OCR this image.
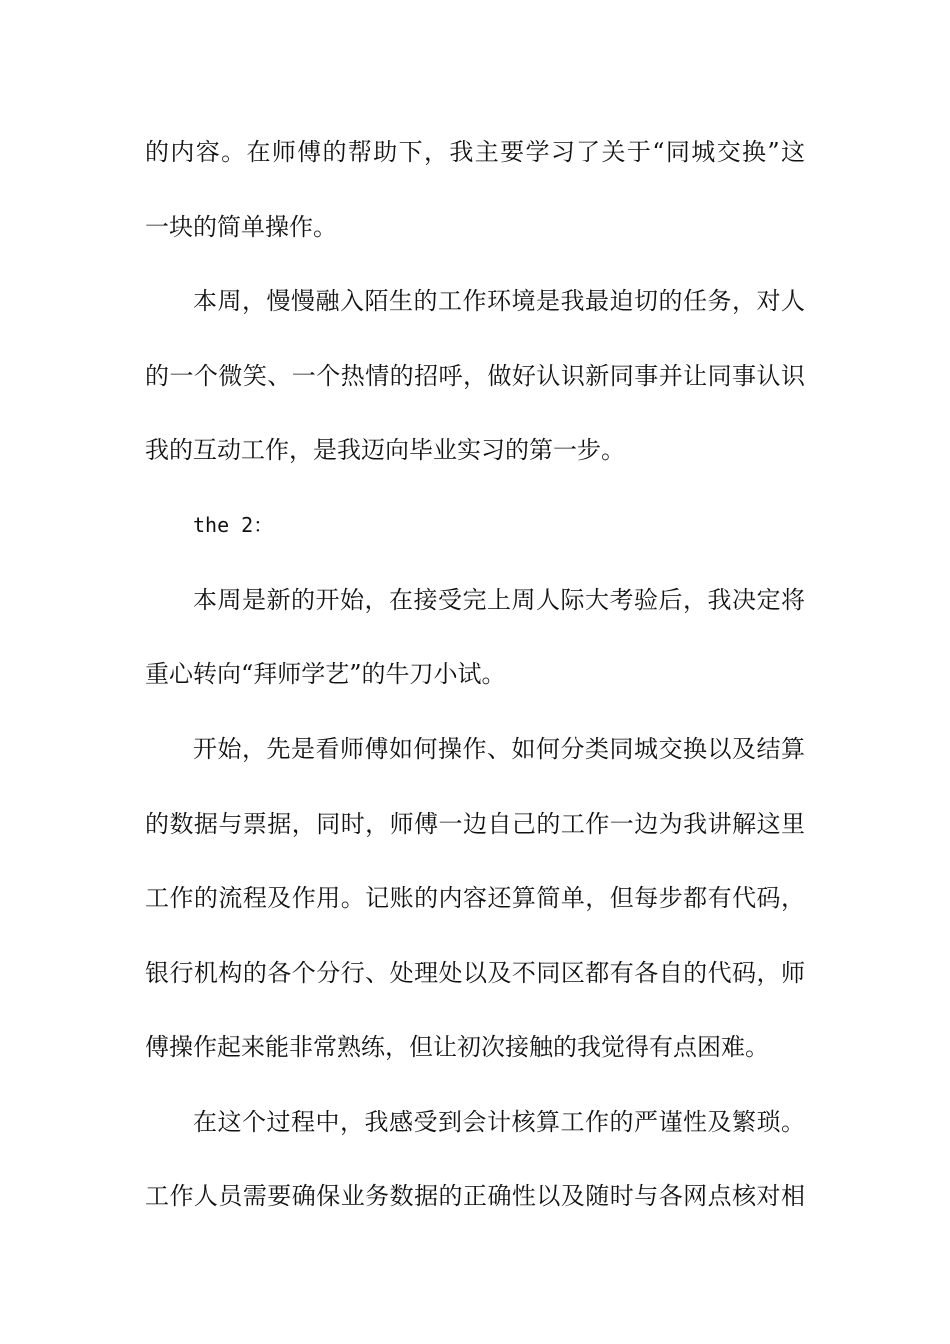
的内容。在师傅的帮助下，我主要学习了关于“同城交换”这
一块的简单操作。
本周，慢慢融入陌生的工作环境是我最迫切的任务，对人
的一个微笑、一个热情的招呼，做好认识新同事并让同事认识
我的互动工作，是我迈向毕业实习的第一步。
the 2：
本周是新的开始，在接受完上周人际大考验后，我决定将
重心转向“拜师学艺”的牛刀小试。
开始，先是看师傅如何操作、如何分类同城交换以及结算
的数据与票据，同时，师傅一边自己的工作一边为我讲解这里
工作的流程及作用。记账的内容还算简单，但每步都有代码，
银行机构的各个分行、处理处以及不同区都有各自的代码，师
傅操作起来能非常熟练，但让初次接触的我觉得有点困难。
在这个过程中，我感受到会计核算工作的严谨性及繁琐。
工作人员需要确保业务数据的正确性以及随时与各网点核对相
